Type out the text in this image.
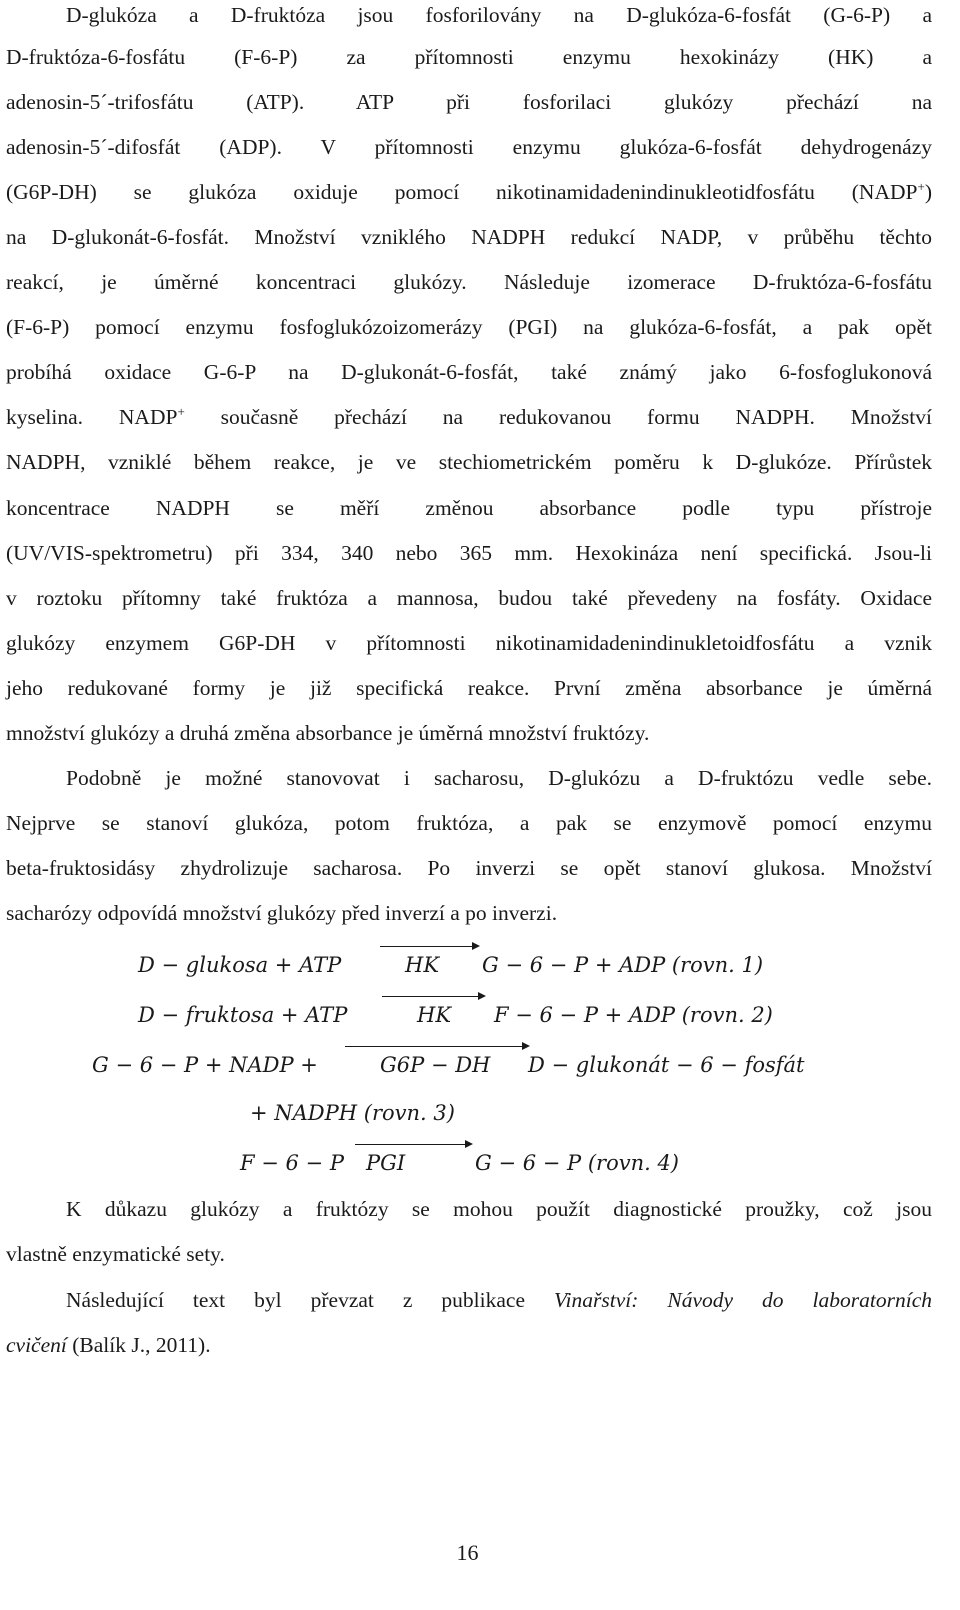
D-glukóza a D-fruktóza jsou fosforilovány na D-glukóza-6-fosfát (G-6-P) a
D-fruktóza-6-fosfátu (F-6-P) za přítomnosti enzymu hexokinázy (HK) a
adenosin-5´-trifosfátu (ATP). ATP při fosforilaci glukózy přechází na
adenosin-5´-difosfát (ADP). V přítomnosti enzymu glukóza-6-fosfát dehydrogenázy
(G6P-DH) se glukóza oxiduje pomocí nikotinamidadenindinukleotidfosfátu (NADP+)
na D-glukonát-6-fosfát. Množství vzniklého NADPH redukcí NADP, v průběhu těchto
reakcí, je úměrné koncentraci glukózy. Následuje izomerace D-fruktóza-6-fosfátu
(F-6-P) pomocí enzymu fosfoglukózoizomerázy (PGI) na glukóza-6-fosfát, a pak opět
probíhá oxidace G-6-P na D-glukonát-6-fosfát, také známý jako 6-fosfoglukonová
kyselina. NADP+ současně přechází na redukovanou formu NADPH. Množství
NADPH, vzniklé během reakce, je ve stechiometrickém poměru k D-glukóze. Přírůstek
koncentrace NADPH se měří změnou absorbance podle typu přístroje
(UV/VIS-spektrometru) při 334, 340 nebo 365 mm. Hexokináza není specifická. Jsou-li
v roztoku přítomny také fruktóza a mannosa, budou také převedeny na fosfáty. Oxidace
glukózy enzymem G6P-DH v přítomnosti nikotinamidadenindinukletoidfosfátu a vznik
jeho redukované formy je již specifická reakce. První změna absorbance je úměrná
množství glukózy a druhá změna absorbance je úměrná množství fruktózy.
Podobně je možné stanovovat i sacharosu, D-glukózu a D-fruktózu vedle sebe.
Nejprve se stanoví glukóza, potom fruktóza, a pak se enzymově pomocí enzymu
beta-fruktosidásy zhydrolizuje sacharosa. Po inverzi se opět stanoví glukosa. Množství
sacharózy odpovídá množství glukózy před inverzí a po inverzi.
D − glukosa + ATP	HK G − 6 − P + ADP (rovn. 1)
D − fruktosa + ATP	HK F − 6 − P + ADP (rovn. 2)
G − 6 − P + NADP +	G6P − DH D − glukonát − 6 − fosfát
+ NADPH (rovn. 3)
F − 6 − P PGI	G − 6 − P (rovn. 4)
K důkazu glukózy a fruktózy se mohou použít diagnostické proužky, což jsou
vlastně enzymatické sety.
Následující text byl převzat z publikace Vinařství: Návody do laboratorních
cvičení (Balík J., 2011).
16
